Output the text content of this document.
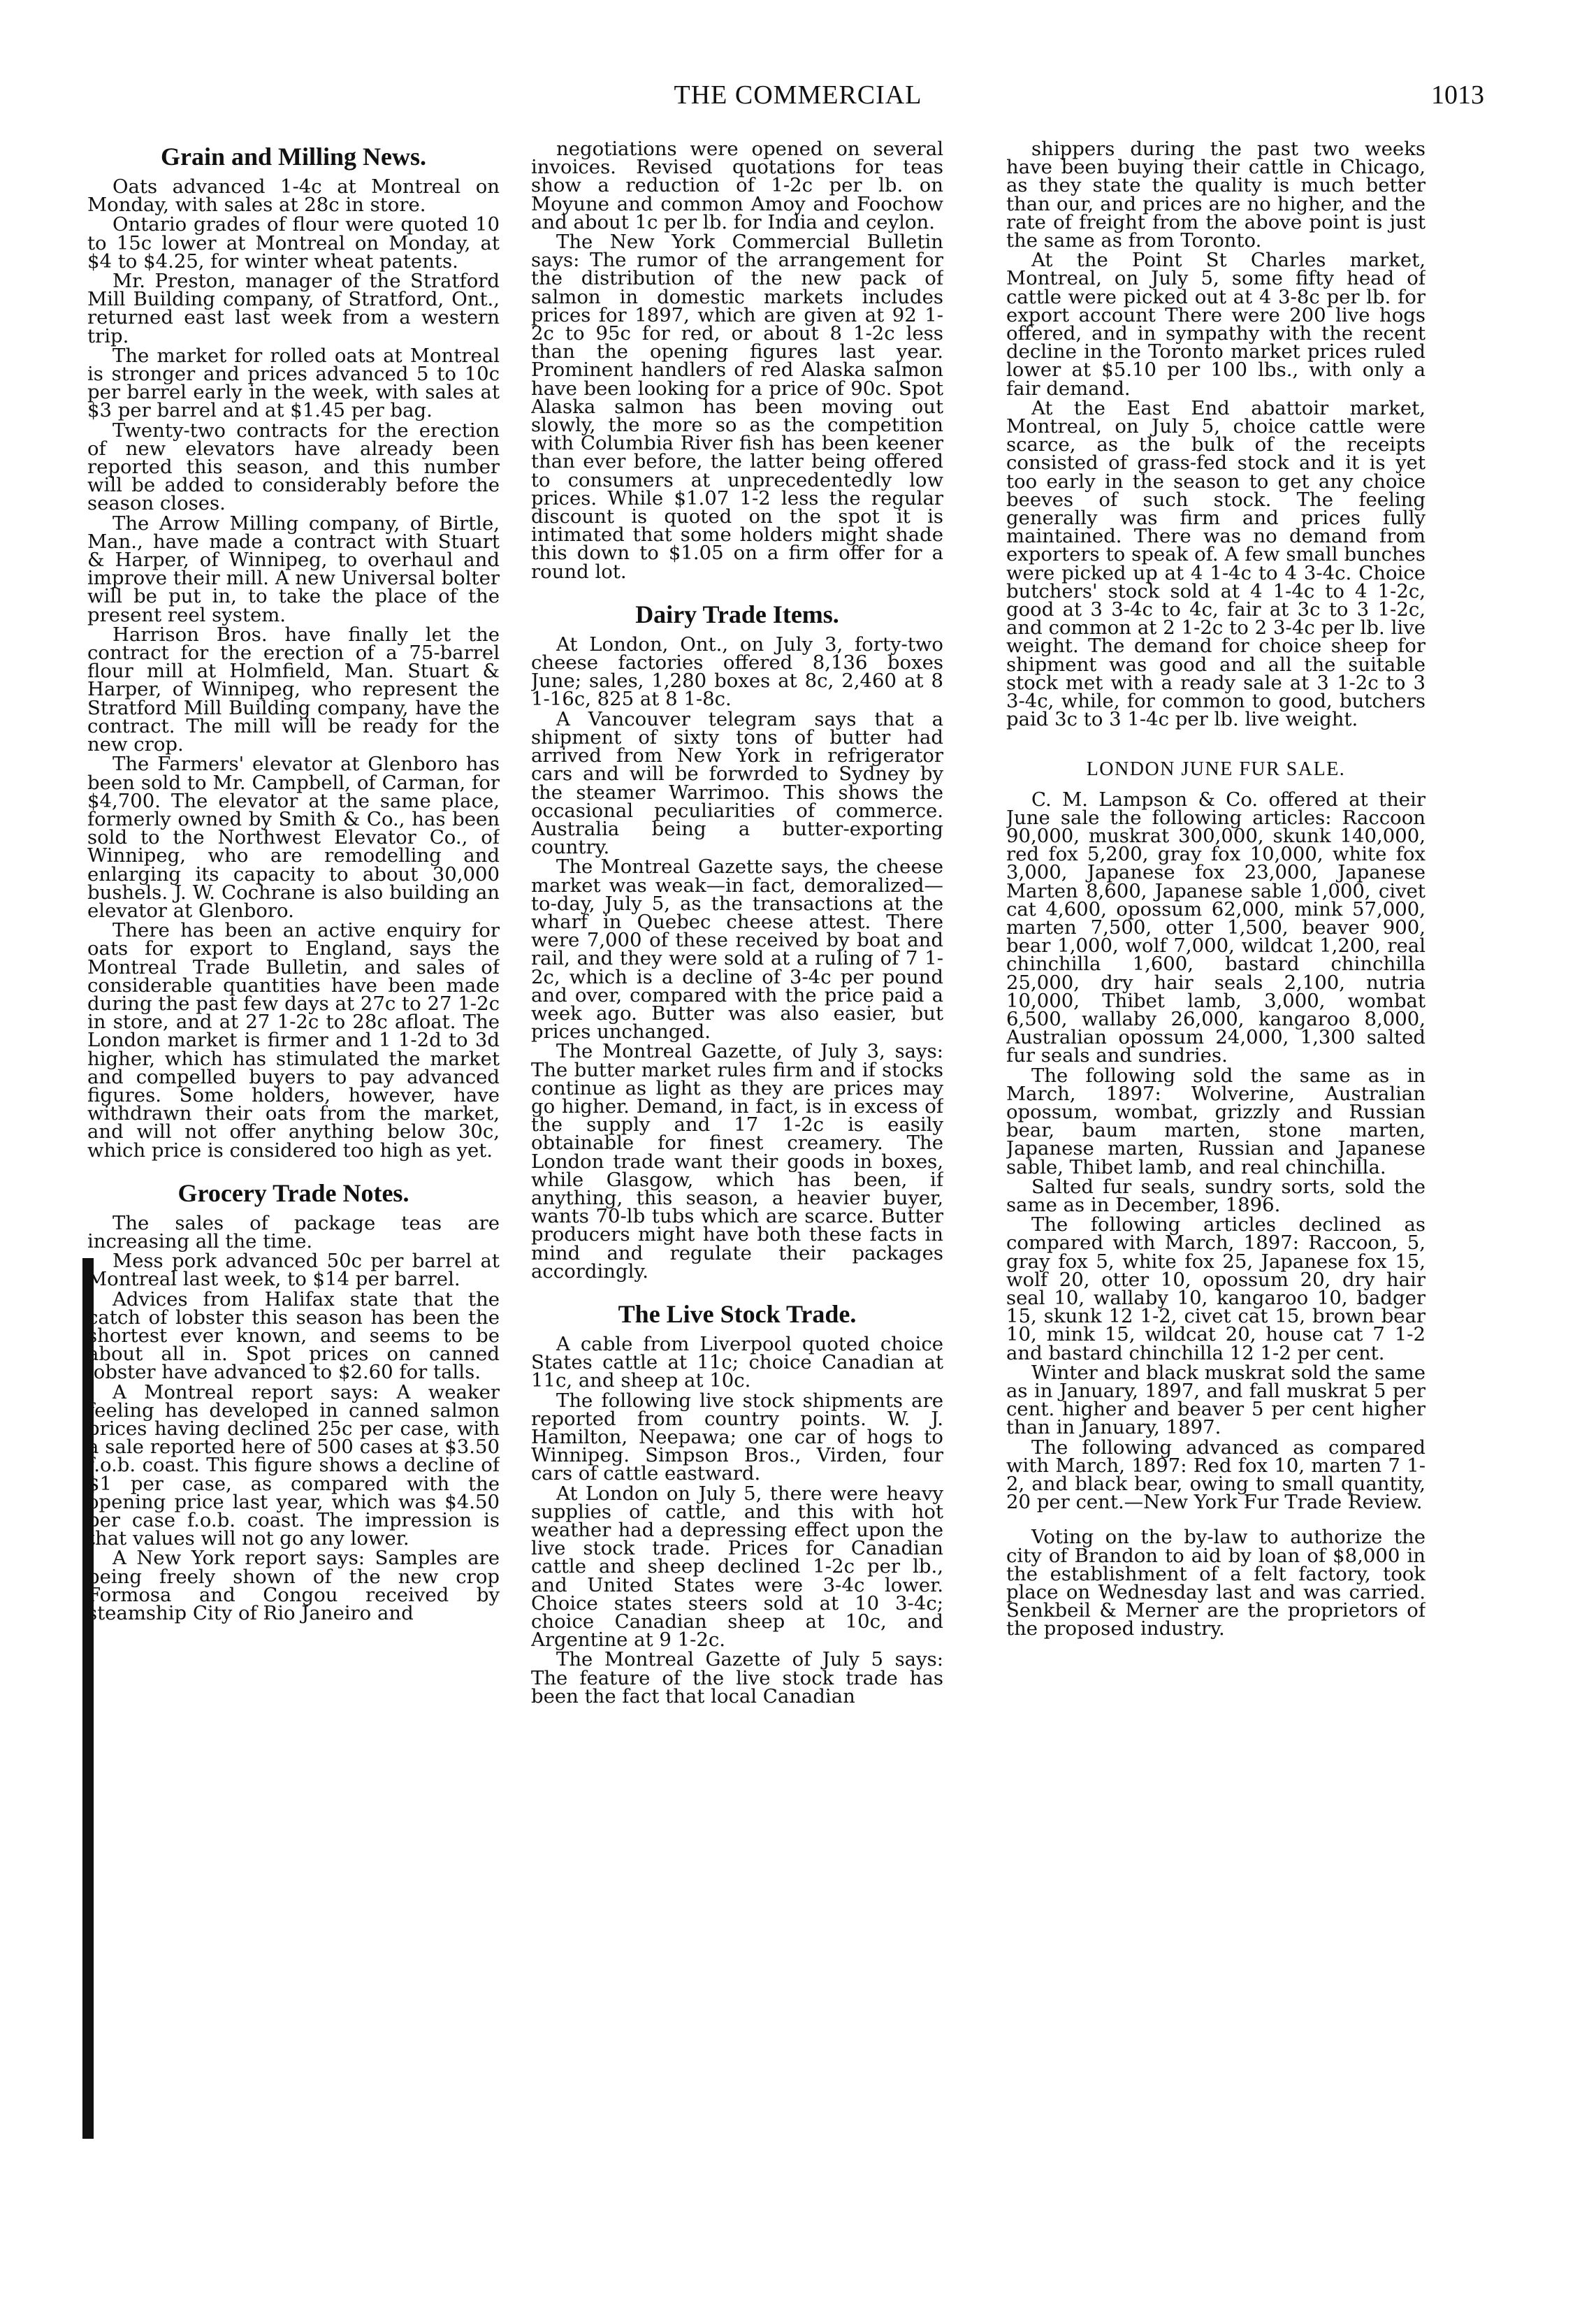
THE COMMERCIAL	1013
Grain and Milling News.

Oats advanced 1-4c at Montreal on Monday, with sales at 28c in store.

Ontario grades of flour were quoted 10 to 15c lower at Montreal on Monday, at $4 to $4.25, for winter wheat patents.

Mr. Preston, manager of the Stratford Mill Building company, of Stratford, Ont., returned east last week from a western trip.

The market for rolled oats at Montreal is stronger and prices advanced 5 to 10c per barrel early in the week, with sales at $3 per barrel and at $1.45 per bag.

Twenty-two contracts for the erection of new elevators have already been reported this season, and this number will be added to considerably before the season closes.

The Arrow Milling company, of Birtle, Man., have made a contract with Stuart & Harper, of Winnipeg, to overhaul and improve their mill. A new Universal bolter will be put in, to take the place of the present reel system.

Harrison Bros. have finally let the contract for the erection of a 75-barrel flour mill at Holmfield, Man. Stuart & Harper, of Winnipeg, who represent the Stratford Mill Building company, have the contract. The mill will be ready for the new crop.

The Farmers' elevator at Glenboro has been sold to Mr. Campbell, of Carman, for $4,700. The elevator at the same place, formerly owned by Smith & Co., has been sold to the Northwest Elevator Co., of Winnipeg, who are remodelling and enlarging its capacity to about 30,000 bushels. J. W. Cochrane is also building an elevator at Glenboro.

There has been an active enquiry for oats for export to England, says the Montreal Trade Bulletin, and sales of considerable quantities have been made during the past few days at 27c to 27 1-2c in store, and at 27 1-2c to 28c afloat. The London market is firmer and 1 1-2d to 3d higher, which has stimulated the market and compelled buyers to pay advanced figures. Some holders, however, have withdrawn their oats from the market, and will not offer anything below 30c, which price is considered too high as yet.

Grocery Trade Notes.

The sales of package teas are increasing all the time.

Mess pork advanced 50c per barrel at Montreal last week, to $14 per barrel.

Advices from Halifax state that the catch of lobster this season has been the shortest ever known, and seems to be about all in. Spot prices on canned lobster have advanced to $2.60 for talls.

A Montreal report says: A weaker feeling has developed in canned salmon prices having declined 25c per case, with a sale reported here of 500 cases at $3.50 f.o.b. coast. This figure shows a decline of $1 per case, as compared with the opening price last year, which was $4.50 per case f.o.b. coast. The impression is that values will not go any lower.

A New York report says: Samples are being freely shown of the new crop Formosa and Congou received by steamship City of Rio Janeiro and

negotiations were opened on several invoices. Revised quotations for teas show a reduction of 1-2c per lb. on Moyune and common Amoy and Foochow and about 1c per lb. for India and ceylon.

The New York Commercial Bulletin says: The rumor of the arrangement for the distribution of the new pack of salmon in domestic markets includes prices for 1897, which are given at 92 1-2c to 95c for red, or about 8 1-2c less than the opening figures last year. Prominent handlers of red Alaska salmon have been looking for a price of 90c. Spot Alaska salmon has been moving out slowly, the more so as the competition with Columbia River fish has been keener than ever before, the latter being offered to consumers at unprecedentedly low prices. While $1.07 1-2 less the regular discount is quoted on the spot it is intimated that some holders might shade this down to $1.05 on a firm offer for a round lot.

Dairy Trade Items.

At London, Ont., on July 3, forty-two cheese factories offered 8,136 boxes June; sales, 1,280 boxes at 8c, 2,460 at 8 1-16c, 825 at 8 1-8c.

A Vancouver telegram says that a shipment of sixty tons of butter had arrived from New York in refrigerator cars and will be forwrded to Sydney by the steamer Warrimoo. This shows the occasional peculiarities of commerce. Australia being a butter-exporting country.

The Montreal Gazette says, the cheese market was weak—in fact, demoralized—to-day, July 5, as the transactions at the wharf in Quebec cheese attest. There were 7,000 of these received by boat and rail, and they were sold at a ruling of 7 1-2c, which is a decline of 3-4c per pound and over, compared with the price paid a week ago. Butter was also easier, but prices unchanged.

The Montreal Gazette, of July 3, says: The butter market rules firm and if stocks continue as light as they are prices may go higher. Demand, in fact, is in excess of the supply and 17 1-2c is easily obtainable for finest creamery. The London trade want their goods in boxes, while Glasgow, which has been, if anything, this season, a heavier buyer, wants 70-lb tubs which are scarce. Butter producers might have both these facts in mind and regulate their packages accordingly.

The Live Stock Trade.

A cable from Liverpool quoted choice States cattle at 11c; choice Canadian at 11c, and sheep at 10c.

The following live stock shipments are reported from country points. W. J. Hamilton, Neepawa; one car of hogs to Winnipeg. Simpson Bros., Virden, four cars of cattle eastward.

At London on July 5, there were heavy supplies of cattle, and this with hot weather had a depressing effect upon the live stock trade. Prices for Canadian cattle and sheep declined 1-2c per lb., and United States were 3-4c lower. Choice states steers sold at 10 3-4c; choice Canadian sheep at 10c, and Argentine at 9 1-2c.

The Montreal Gazette of July 5 says: The feature of the live stock trade has been the fact that local Canadian

shippers during the past two weeks have been buying their cattle in Chicago, as they state the quality is much better than our, and prices are no higher, and the rate of freight from the above point is just the same as from Toronto.

At the Point St Charles market, Montreal, on July 5, some fifty head of cattle were picked out at 4 3-8c per lb. for export account There were 200 live hogs offered, and in sympathy with the recent decline in the Toronto market prices ruled lower at $5.10 per 100 lbs., with only a fair demand.

At the East End abattoir market, Montreal, on July 5, choice cattle were scarce, as the bulk of the receipts consisted of grass-fed stock and it is yet too early in the season to get any choice beeves of such stock. The feeling generally was firm and prices fully maintained. There was no demand from exporters to speak of. A few small bunches were picked up at 4 1-4c to 4 3-4c. Choice butchers' stock sold at 4 1-4c to 4 1-2c, good at 3 3-4c to 4c, fair at 3c to 3 1-2c, and common at 2 1-2c to 2 3-4c per lb. live weight. The demand for choice sheep for shipment was good and all the suitable stock met with a ready sale at 3 1-2c to 3 3-4c, while, for common to good, butchers paid 3c to 3 1-4c per lb. live weight.

LONDON JUNE FUR SALE.

C. M. Lampson & Co. offered at their June sale the following articles: Raccoon 90,000, muskrat 300,000, skunk 140,000, red fox 5,200, gray fox 10,000, white fox 3,000, Japanese fox 23,000, Japanese Marten 8,600, Japanese sable 1,000, civet cat 4,600, opossum 62,000, mink 57,000, marten 7,500, otter 1,500, beaver 900, bear 1,000, wolf 7,000, wildcat 1,200, real chinchilla 1,600, bastard chinchilla 25,000, dry hair seals 2,100, nutria 10,000, Thibet lamb, 3,000, wombat 6,500, wallaby 26,000, kangaroo 8,000, Australian opossum 24,000, 1,300 salted fur seals and sundries.

The following sold the same as in March, 1897: Wolverine, Australian opossum, wombat, grizzly and Russian bear, baum marten, stone marten, Japanese marten, Russian and Japanese sable, Thibet lamb, and real chinchilla.

Salted fur seals, sundry sorts, sold the same as in December, 1896.

The following articles declined as compared with March, 1897: Raccoon, 5, gray fox 5, white fox 25, Japanese fox 15, wolf 20, otter 10, opossum 20, dry hair seal 10, wallaby 10, kangaroo 10, badger 15, skunk 12 1-2, civet cat 15, brown bear 10, mink 15, wildcat 20, house cat 7 1-2 and bastard chinchilla 12 1-2 per cent.

Winter and black muskrat sold the same as in January, 1897, and fall muskrat 5 per cent. higher and beaver 5 per cent higher than in January, 1897.

The following advanced as compared with March, 1897: Red fox 10, marten 7 1-2, and black bear, owing to small quantity, 20 per cent.—New York Fur Trade Review.

Voting on the by-law to authorize the city of Brandon to aid by loan of $8,000 in the establishment of a felt factory, took place on Wednesday last and was carried. Senkbeil & Merner are the proprietors of the proposed industry.
